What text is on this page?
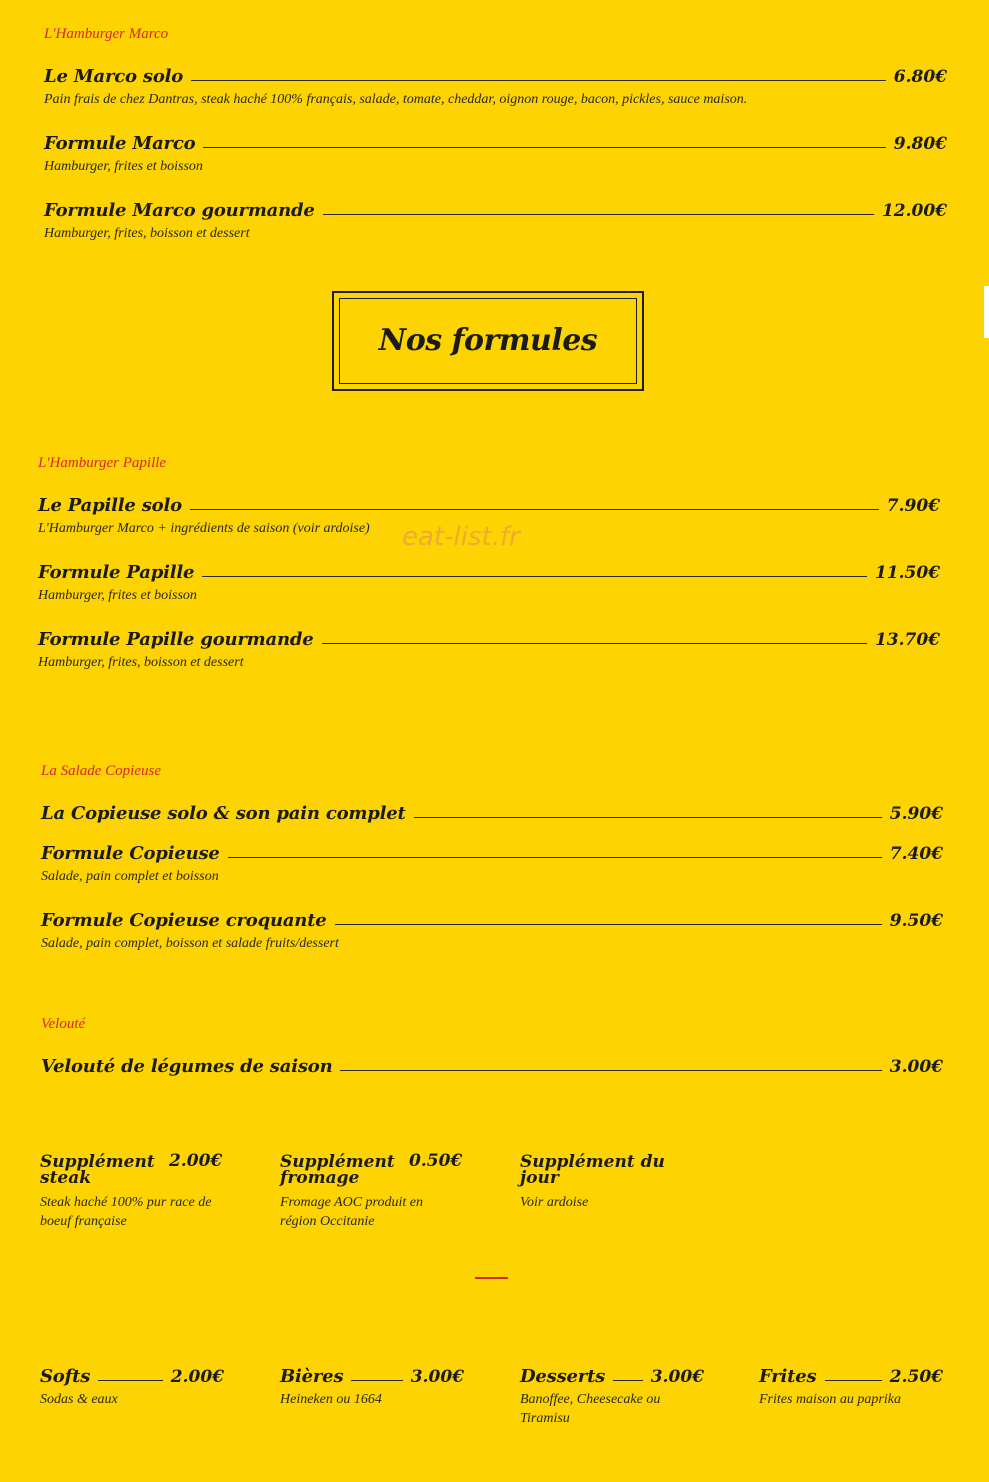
L'Hamburger Marco
Le Marco solo	6.80€
Pain frais de chez Dantras, steak haché 100% français, salade, tomate, cheddar, oignon rouge, bacon, pickles, sauce maison.
Formule Marco	9.80€
Hamburger, frites et boisson
Formule Marco gourmande	12.00€
Hamburger, frites, boisson et dessert
Nos formules
L'Hamburger Papille
Le Papille solo	7.90€
L'Hamburger Marco + ingrédients de saison (voir ardoise) eat-list.fr
Formule Papille	11.50€
Hamburger, frites et boisson
Formule Papille gourmande	13.70€
Hamburger, frites, boisson et dessert
La Salade Copieuse
La Copieuse solo & son pain complet	5.90€
Formule Copieuse	7.40€
Salade, pain complet et boisson
Formule Copieuse croquante	9.50€
Salade, pain complet, boisson et salade fruits/dessert
Velouté
Velouté de légumes de saison	3.00€
Supplément
steak
2.00€
Steak haché 100% pur race de
boeuf française
Supplément
fromage
0.50€
Fromage AOC produit en
région Occitanie
Supplément du
jour
Voir ardoise
Softs	2.00€
Sodas & eaux
Bières	3.00€
Heineken ou 1664
Desserts	3.00€
Banoffee, Cheesecake ou
Tiramisu
Frites	2.50€
Frites maison au paprika
